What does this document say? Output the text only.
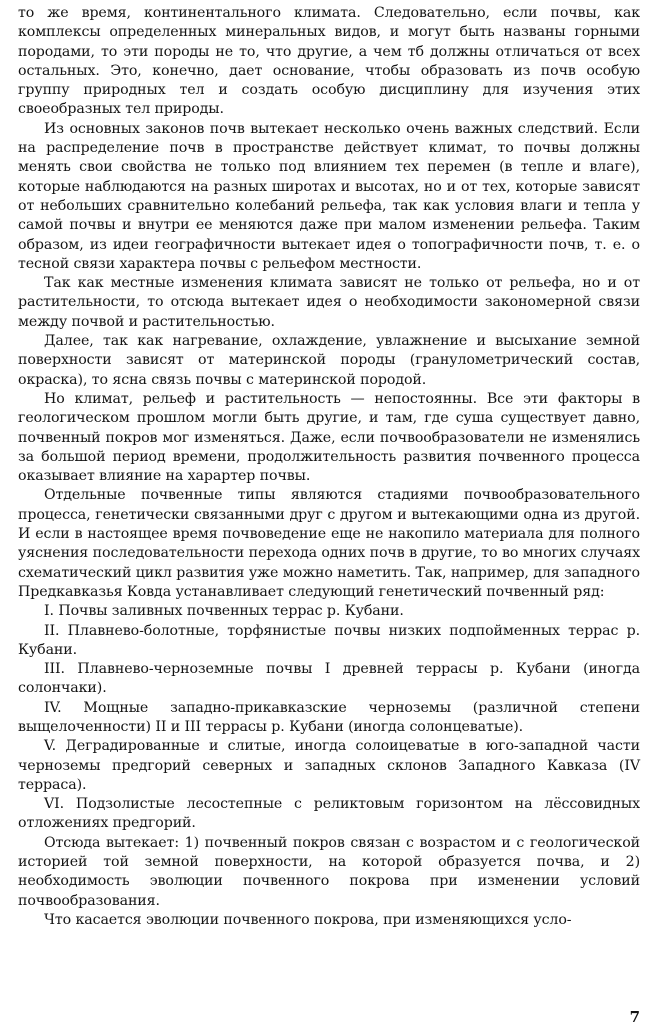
то же время, континентального климата. Следовательно, если почвы, как комплексы определенных минеральных видов, и могут быть названы горными породами, то эти породы не то, что другие, а чем тб должны отличаться от всех остальных. Это, конечно, дает основание, чтобы образовать из почв особую группу природных тел и создать особую дисциплину для изучения этих своеобразных тел природы.

Из основных законов почв вытекает несколько очень важных следствий. Если на распределение почв в пространстве действует климат, то почвы должны менять свои свойства не только под влиянием тех перемен (в тепле и влаге), которые наблюдаются на разных широтах и высотах, но и от тех, которые зависят от небольших сравнительно колебаний рельефа, так как условия влаги и тепла у самой почвы и внутри ее меняются даже при малом изменении рельефа. Таким образом, из идеи географичности вытекает идея о топографичности почв, т. е. о тесной связи характера почвы с рельефом местности.

Так как местные изменения климата зависят не только от рельефа, но и от растительности, то отсюда вытекает идея о необходимости закономерной связи между почвой и растительностью.

Далее, так как нагревание, охлаждение, увлажнение и высыхание земной поверхности зависят от материнской породы (гранулометрический состав, окраска), то ясна связь почвы с материнской породой.

Но климат, рельеф и растительность — непостоянны. Все эти факторы в геологическом прошлом могли быть другие, и там, где суша существует давно, почвенный покров мог изменяться. Даже, если почвообразователи не изменялись за большой период времени, продолжительность развития почвенного процесса оказывает влияние на харартер почвы.

Отдельные почвенные типы являются стадиями почвообразовательного процесса, генетически связанными друг с другом и вытекающими одна из другой. И если в настоящее время почвоведение еще не накопило материала для полного уяснения последовательности перехода одних почв в другие, то во многих случаях схематический цикл развития уже можно наметить. Так, например, для западного Предкавказья Ковда устанавливает следующий генетический почвенный ряд:

I. Почвы заливных почвенных террас р. Кубани.

II. Плавнево-болотные, торфянистые почвы низких подпойменных террас р. Кубани.

III. Плавнево-черноземные почвы I древней террасы р. Кубани (иногда солончаки).

IV. Мощные западно-прикавказские черноземы (различной степени выщелоченности) II и III террасы р. Кубани (иногда солонцеватые).

V. Деградированные и слитые, иногда солоицеватые в юго-западной части черноземы предгорий северных и западных склонов Западного Кавказа (IV терраса).

VI. Подзолистые лесостепные с реликтовым горизонтом на лёссовидных отложениях предгорий.

Отсюда вытекает: 1) почвенный покров связан с возрастом и с геологической историей той земной поверхности, на которой образуется почва, и 2) необходимость эволюции почвенного покрова при изменении условий почвообразования.

Что касается эволюции почвенного покрова, при изменяющихся усло-

7
